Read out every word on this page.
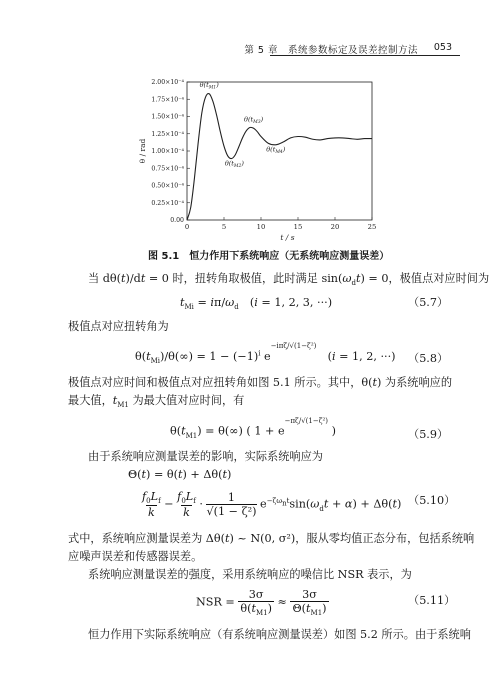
第 5 章　系统参数标定及误差控制方法 053
0.00
0.25×10⁻⁴
0.50×10⁻⁴
0.75×10⁻⁴
1.00×10⁻⁴
1.25×10⁻⁴
1.50×10⁻⁴
1.75×10⁻⁴
2.00×10⁻⁴
0	5	10	15	20	25
t / s
θ / rad
$\theta(t_{M1})$
$\theta(t_{M2})$
$\theta(t_{M3})$
$\theta(t_{M4})$
图 5.1　恒力作用下系统响应（无系统响应测量误差）
当 dθ(t)/dt = 0 时，扭转角取极值，此时满足 $\sin(\omega_dt) = 0$，极值点对应时间为
$t_{Mi} = i\pi/\omega_d$　(i = 1, 2, 3, ···)	（5.7）
极值点对应扭转角为
$\theta(t_{Mi})/\theta(\infty) = 1 - (-1)^i$ $e^{-i\pi\zeta/√(1-\zeta^2)}$　(i = 1, 2, ···) （5.8）
极值点对应时间和极值点对应扭转角如图 5.1 所示。其中，θ(t) 为系统响应的
最大值，$t_{M1}$ 为最大值对应时间，有
$\theta(t_{M1}) = \theta(\infty)$ ( $1 + e^{-\pi\zeta/√(1-\zeta^2)}$ )	（5.9）
由于系统响应测量误差的影响，实际系统响应为
Θ(t) = θ(t) + Δθ(t)
$f_0L_f$
$k - f_0L_f$
k · 1
√(1 − ζ²) $e^{-\zeta\omega_nt}\sin(\omega_dt + \alpha) + \Delta\theta(t)$ （5.10）
式中，系统响应测量误差为 Δθ(t) ~ N(0, σ²)，服从零均值正态分布，包括系统响
应噪声误差和传感器误差。
系统响应测量误差的强度，采用系统响应的噪信比 NSR 表示，为
NSR = 3σ
$\theta(t_{M1}) \approx 3\sigma$
$\Theta(t_{M1})$
（5.11）
恒力作用下实际系统响应（有系统响应测量误差）如图 5.2 所示。由于系统响
